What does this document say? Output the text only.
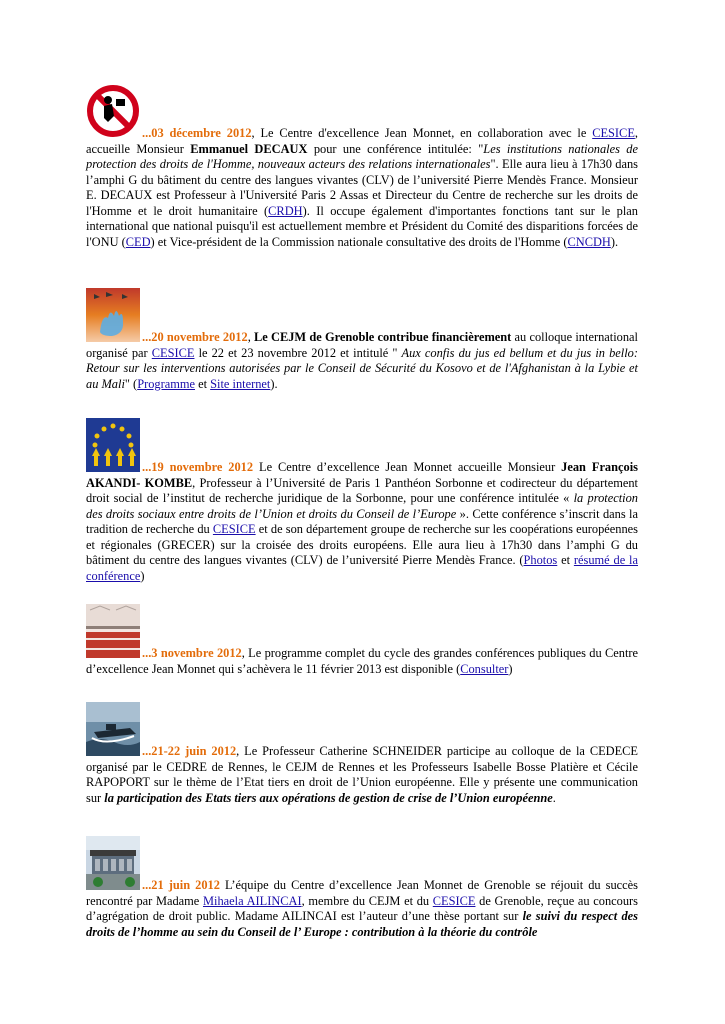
...03 décembre 2012, Le Centre d'excellence Jean Monnet, en collaboration avec le CESICE, accueille Monsieur Emmanuel DECAUX pour une conférence intitulée: "Les institutions nationales de protection des droits de l'Homme, nouveaux acteurs des relations internationales". Elle aura lieu à 17h30 dans l’amphi G du bâtiment du centre des langues vivantes (CLV) de l’université Pierre Mendès France. Monsieur E. DECAUX est Professeur à l'Université Paris 2 Assas et Directeur du Centre de recherche sur les droits de l'Homme et le droit humanitaire (CRDH). Il occupe également d'importantes fonctions tant sur le plan international que national puisqu'il est actuellement membre et Président du Comité des disparitions forcées de l'ONU (CED) et Vice-président de la Commission nationale consultative des droits de l'Homme (CNCDH).

...20 novembre 2012, Le CEJM de Grenoble contribue financièrement au colloque international organisé par CESICE le 22 et 23 novembre 2012 et intitulé " Aux confis du jus ed bellum et du jus in bello: Retour sur les interventions autorisées par le Conseil de Sécurité du Kosovo et de l'Afghanistan à la Lybie et au Mali" (Programme et Site internet).

...19 novembre 2012 Le Centre d’excellence Jean Monnet accueille Monsieur Jean François AKANDI- KOMBE, Professeur à l’Université de Paris 1 Panthéon Sorbonne et codirecteur du département droit social de l’institut de recherche juridique de la Sorbonne, pour une conférence intitulée « la protection des droits sociaux entre droits de l’Union et droits du Conseil de l’Europe ». Cette conférence s’inscrit dans la tradition de recherche du CESICE et de son département groupe de recherche sur les coopérations européennes et régionales (GRECER) sur la croisée des droits européens. Elle aura lieu à 17h30 dans l’amphi G du bâtiment du centre des langues vivantes (CLV) de l’université Pierre Mendès France. (Photos et résumé de la conférence)

...3 novembre 2012, Le programme complet du cycle des grandes conférences publiques du Centre d’excellence Jean Monnet qui s’achèvera le 11 février 2013 est disponible (Consulter)

...21-22 juin 2012, Le Professeur Catherine SCHNEIDER participe au colloque de la CEDECE organisé par le CEDRE de Rennes, le CEJM de Rennes et les Professeurs Isabelle Bosse Platière et Cécile RAPOPORT sur le thème de l’Etat tiers en droit de l’Union européenne. Elle y présente une communication sur la participation des Etats tiers aux opérations de gestion de crise de l’Union européenne.

...21 juin 2012 L’équipe du Centre d’excellence Jean Monnet de Grenoble se réjouit du succès rencontré par Madame Mihaela AILINCAI, membre du CEJM et du CESICE de Grenoble, reçue au concours d’agrégation de droit public. Madame AILINCAI est l’auteur d’une thèse portant sur le suivi du respect des droits de l’homme au sein du Conseil de l’ Europe : contribution à la théorie du contrôle
